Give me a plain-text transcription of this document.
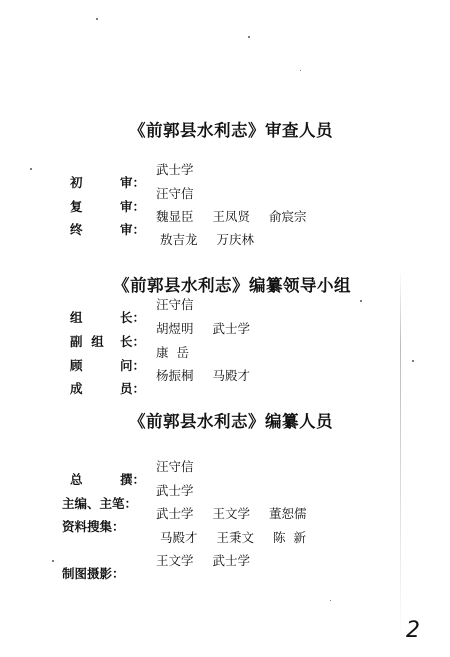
《前郭县水利志》审查人员
初	审：
武士学
复	审：
汪守信
终	审：
魏显臣 王凤贤 俞宸宗
敖吉龙 万庆林
《前郭县水利志》编纂领导小组
组	长：
汪守信
副  组 长：
胡煜明 武士学
顾	问：
康  岳
成	员：
杨振桐 马殿才
《前郭县水利志》编纂人员
总	撰：
汪守信
主编、主笔：
武士学
资料搜集：
武士学 王文学 董恕儒
马殿才 王秉文 陈  新
制图摄影：
王文学 武士学
2
